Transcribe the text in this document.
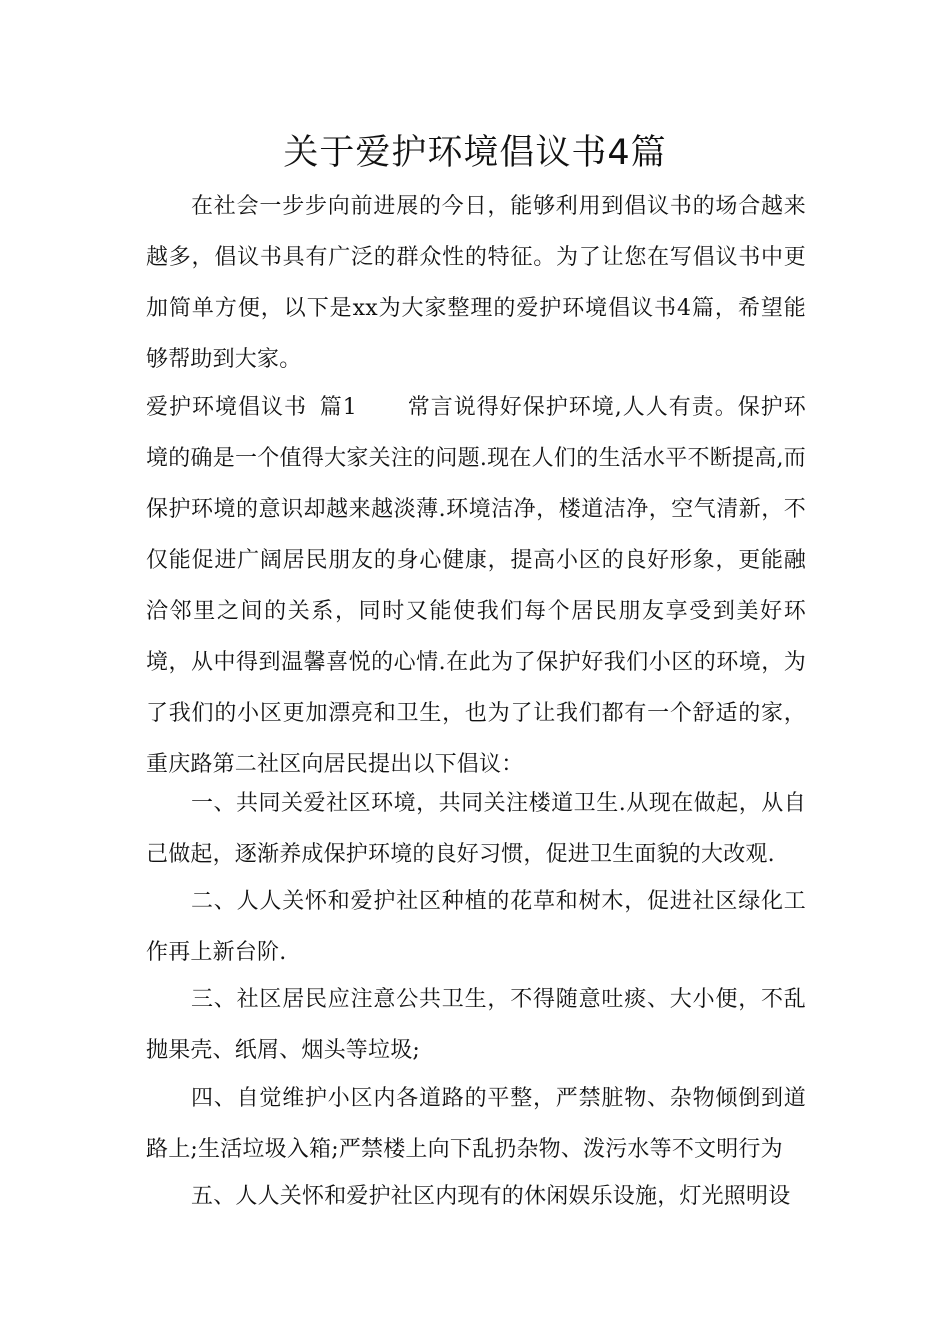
关于爱护环境倡议书4篇

在社会一步步向前进展的今日，能够利用到倡议书的场合越来越多，倡议书具有广泛的群众性的特征。为了让您在写倡议书中更加简单方便，以下是xx为大家整理的爱护环境倡议书4篇，希望能够帮助到大家。

爱护环境倡议书 篇1 常言说得好保护环境,人人有责。保护环境的确是一个值得大家关注的问题.现在人们的生活水平不断提高,而保护环境的意识却越来越淡薄.环境洁净，楼道洁净，空气清新，不仅能促进广阔居民朋友的身心健康，提高小区的良好形象，更能融洽邻里之间的关系，同时又能使我们每个居民朋友享受到美好环境，从中得到温馨喜悦的心情.在此为了保护好我们小区的环境，为了我们的小区更加漂亮和卫生，也为了让我们都有一个舒适的家，重庆路第二社区向居民提出以下倡议：

一、共同关爱社区环境，共同关注楼道卫生.从现在做起，从自己做起，逐渐养成保护环境的良好习惯，促进卫生面貌的大改观.

二、人人关怀和爱护社区种植的花草和树木，促进社区绿化工作再上新台阶.

三、社区居民应注意公共卫生，不得随意吐痰、大小便，不乱抛果壳、纸屑、烟头等垃圾;

四、自觉维护小区内各道路的平整，严禁脏物、杂物倾倒到道路上;生活垃圾入箱;严禁楼上向下乱扔杂物、泼污水等不文明行为

五、人人关怀和爱护社区内现有的休闲娱乐设施，灯光照明设
